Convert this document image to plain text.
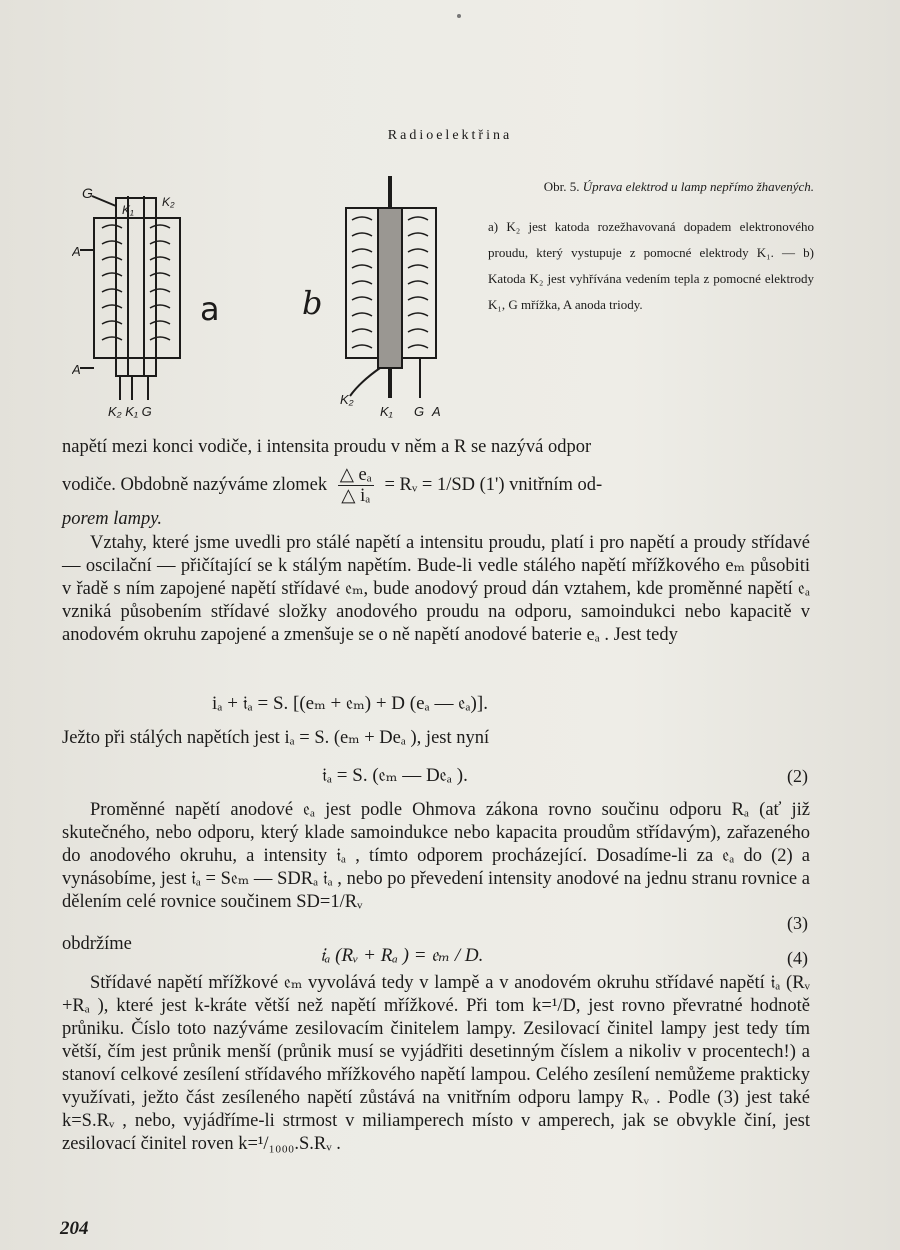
Radioelektřina
G
K₁
K₂
A
A
K₂ K₁ G
a	b
K₂
K₁ G A

Obr. 5. Úprava elektrod u lamp nepřímo žhavených.

a) K₂ jest katoda rozežhavovaná dopadem elektronového proudu, který vystupuje z pomocné elektrody K₁. — b) Katoda K₂ jest vyhřívána vedením tepla z pomocné elektrody K₁, G mřížka, A anoda triody.

napětí mezi konci vodiče, i intensita proudu v něm a R se nazývá odpor

vodiče. Obdobně nazýváme zlomek $\frac{\text{△ eₐ}}{\text{△ iₐ}}$ = Rᵥ = 1/SD (1') vnitřním od-
porem lampy.
Vztahy, které jsme uvedli pro stálé napětí a intensitu proudu, platí i pro napětí a proudy střídavé — oscilační — přičítající se k stálým napětím. Bude-li vedle stálého napětí mřížkového eₘ působiti v řadě s ním zapojené napětí střídavé 𝔢ₘ, bude anodový proud dán vztahem, kde proměnné napětí 𝔢ₐ vzniká působením střídavé složky anodového proudu na odporu, samoindukci nebo kapacitě v anodovém okruhu zapojené a zmenšuje se o ně napětí anodové baterie eₐ . Jest tedy
iₐ + 𝔦ₐ = S. [(eₘ + 𝔢ₘ) + D (eₐ — 𝔢ₐ)].
Ježto při stálých napětích jest iₐ = S. (eₘ + Deₐ ), jest nyní
𝔦ₐ = S. (𝔢ₘ — D𝔢ₐ ).	(2)
Proměnné napětí anodové 𝔢ₐ jest podle Ohmova zákona rovno součinu odporu Rₐ (ať již skutečného, nebo odporu, který klade samoindukce nebo kapacita proudům střídavým), zařazeného do anodového okruhu, a intensity 𝔦ₐ , tímto odporem procházející. Dosadíme-li za 𝔢ₐ do (2) a vynásobíme, jest 𝔦ₐ = S𝔢ₘ — SDRₐ 𝔦ₐ , nebo po převedení intensity anodové na jednu stranu rovnice a dělením celé rovnice součinem SD=1/Rᵥ
(3)
obdržíme
𝔦ₐ (Rᵥ + Rₐ ) = 𝔢ₘ / D.	(4)
Střídavé napětí mřížkové 𝔢ₘ vyvolává tedy v lampě a v anodovém okruhu střídavé napětí 𝔦ₐ (Rᵥ +Rₐ ), které jest k-kráte větší než napětí mřížkové. Při tom k=¹/D, jest rovno převratné hodnotě průniku. Číslo toto nazýváme zesilovacím činitelem lampy. Zesilovací činitel lampy jest tedy tím větší, čím jest průnik menší (průnik musí se vyjádřiti desetinným číslem a nikoliv v procentech!) a stanoví celkové zesílení střídavého mřížkového napětí lampou. Celého zesílení nemůžeme prakticky využívati, ježto část zesíleného napětí zůstává na vnitřním odporu lampy Rᵥ . Podle (3) jest také k=S.Rᵥ , nebo, vyjádříme-li strmost v miliamperech místo v amperech, jak se obvykle činí, jest zesilovací činitel roven k=¹/₁₀₀₀.S.Rᵥ .
204
